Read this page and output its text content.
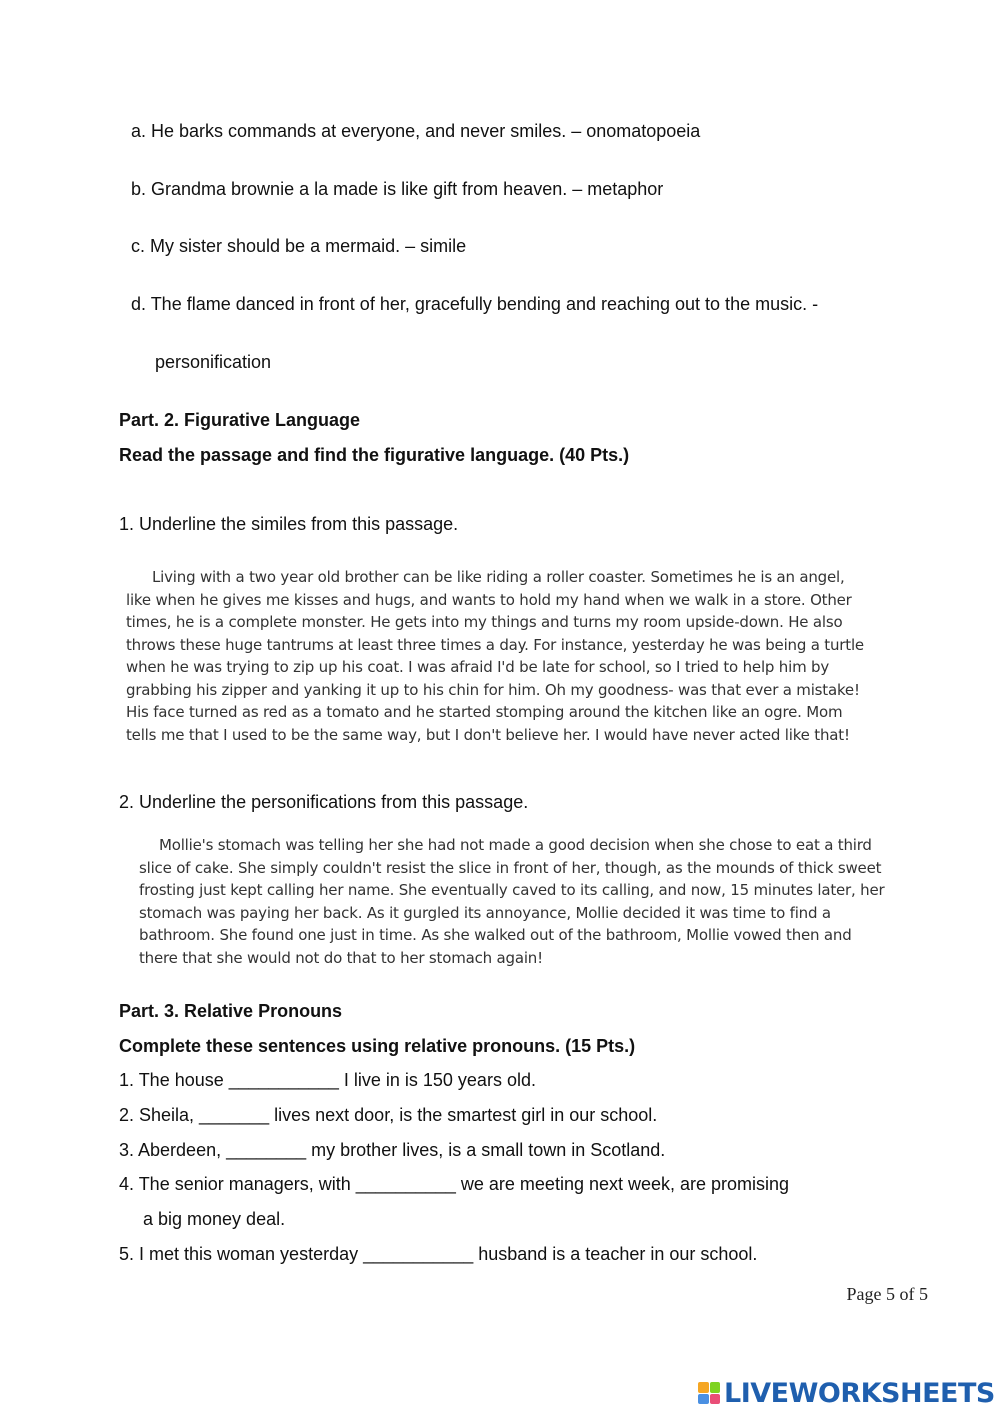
a. He barks commands at everyone, and never smiles. – onomatopoeia
b. Grandma brownie a la made is like gift from heaven. – metaphor
c. My sister should be a mermaid. – simile
d. The flame danced in front of her, gracefully bending and reaching out to the music. -
personification
Part. 2. Figurative Language
Read the passage and find the figurative language. (40 Pts.)
1. Underline the similes from this passage.
Living with a two year old brother can be like riding a roller coaster. Sometimes he is an angel,
like when he gives me kisses and hugs, and wants to hold my hand when we walk in a store. Other
times, he is a complete monster. He gets into my things and turns my room upside-down. He also
throws these huge tantrums at least three times a day. For instance, yesterday he was being a turtle
when he was trying to zip up his coat. I was afraid I'd be late for school, so I tried to help him by
grabbing his zipper and yanking it up to his chin for him. Oh my goodness- was that ever a mistake!
His face turned as red as a tomato and he started stomping around the kitchen like an ogre. Mom
tells me that I used to be the same way, but I don't believe her. I would have never acted like that!
2. Underline the personifications from this passage.
Mollie's stomach was telling her she had not made a good decision when she chose to eat a third
slice of cake. She simply couldn't resist the slice in front of her, though, as the mounds of thick sweet
frosting just kept calling her name. She eventually caved to its calling, and now, 15 minutes later, her
stomach was paying her back. As it gurgled its annoyance, Mollie decided it was time to find a
bathroom. She found one just in time. As she walked out of the bathroom, Mollie vowed then and
there that she would not do that to her stomach again!
Part. 3. Relative Pronouns
Complete these sentences using relative pronouns. (15 Pts.)
1. The house ___________ I live in is 150 years old.
2. Sheila, _______ lives next door, is the smartest girl in our school.
3. Aberdeen, ________ my brother lives, is a small town in Scotland.
4. The senior managers, with __________ we are meeting next week, are promising
a big money deal.
5. I met this woman yesterday ___________ husband is a teacher in our school.
Page 5 of 5
LIVEWORKSHEETS
